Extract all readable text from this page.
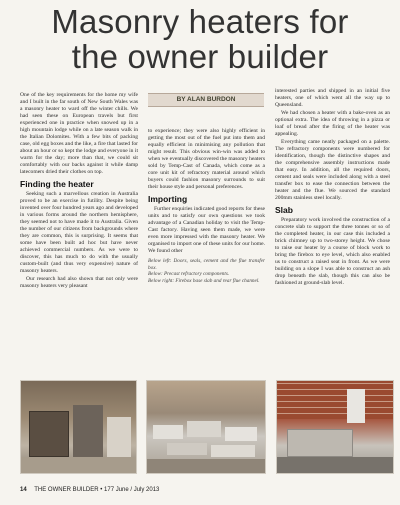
Masonry heaters for
the owner builder
BY ALAN BURDON

One of the key requirements for the home my wife and I built in the far south of New South Wales was a masonry heater to ward off the winter chills. We had seen these on European travels but first experienced one in practice when snowed up in a high mountain lodge while on a late season walk in the Italian Dolomites. With a few bits of packing case, old egg boxes and the like, a fire that lasted for about an hour or so kept the lodge and everyone in it warm for the day; more than that, we could sit comfortably with our backs against it while damp latecomers dried their clothes on top.

Finding the heater

Seeking such a marvellous creation in Australia proved to be an exercise in futility. Despite being invented over four hundred years ago and developed in various forms around the northern hemisphere, they seemed not to have made it to Australia. Given the number of our citizens from backgrounds where they are common, this is surprising. It seems that some have been built ad hoc but have never achieved commercial numbers. As we were to discover, this has much to do with the usually custom-built (and thus very expensive) nature of masonry heaters.

Our research had also shown that not only were masonry heaters very pleasant

to experience; they were also highly efficient in getting the most out of the fuel put into them and equally efficient in minimising any pollution that might result. This obvious win-win was added to when we eventually discovered the masonry heaters sold by Temp-Cast of Canada, which come as a core unit kit of refractory material around which buyers could fashion masonry surrounds to suit their house style and personal preferences.

Importing

Further enquiries indicated good reports for these units and to satisfy our own questions we took advantage of a Canadian holiday to visit the Temp-Cast factory. Having seen them made, we were even more impressed with the masonry heater. We organised to import one of these units for our home. We found other

Below left: Doors, seals, cement and the flue transfer box.
Below: Precast refractory components.
Below right: Firebox base slab and rear flue channel.

interested parties and shipped in an initial five heaters, one of which went all the way up to Queensland.

We had chosen a heater with a bake-oven as an optional extra. The idea of throwing in a pizza or loaf of bread after the firing of the heater was appealing.

Everything came neatly packaged on a palette. The refractory components were numbered for identification, though the distinctive shapes and the comprehensive assembly instructions made that easy. In addition, all the required doors, cement and seals were included along with a steel transfer box to ease the connection between the heater and the flue. We sourced the standard 200mm stainless steel locally.

Slab

Preparatory work involved the construction of a concrete slab to support the three tonnes or so of the completed heater, in our case this included a brick chimney up to two-storey height. We chose to raise our heater by a course of block work to bring the firebox to eye level, which also enabled us to construct a raised seat in front. As we were building on a slope I was able to construct an ash drop beneath the slab, though this can also be fashioned at ground-slab level.

14 THE OWNER BUILDER • 177 June / July 2013
